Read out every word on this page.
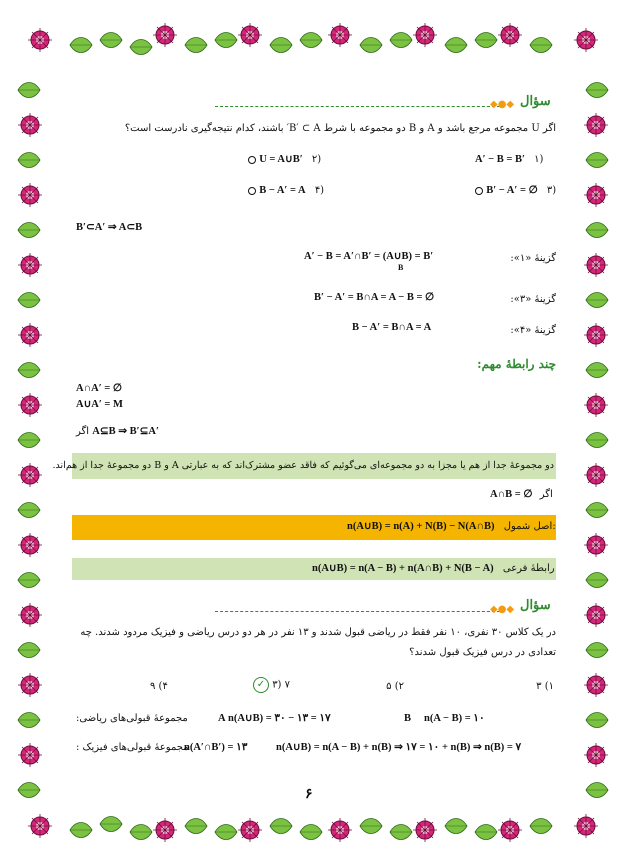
◆●◆ سؤال
اگر U مجموعه مرجع باشد و A و B دو مجموعه با شرط B′ ⊂ A′ باشند، کدام نتیجه‌گیری نادرست است؟
A′ − B = B′ ۱)
U = A∪B′ ۲)
B′ − A′ = ∅ ۳)
B − A′ = A ۴)
B′⊂A′ ⇒ A⊂B
گزینهٔ «۱»:
A′ − B = A′∩B′ = (A∪B) = B′
B
گزینهٔ «۳»:
B′ − A′ = B∩A = A − B = ∅
گزینهٔ «۴»:
B − A′ = B∩A = A
چند رابطهٔ مهم:
A∩A′ = ∅
A∪A′ = M
اگر A⊆B ⇒ B′⊆A′
دو مجموعهٔ جدا از هم یا مجزا به دو مجموعه‌ای می‌گوئیم که فاقد عضو مشترک‌اند که به عبارتی A و B دو مجموعهٔ جدا از هم‌اند.
A∩B = ∅ اگر
n(A∪B) = n(A) + N(B) − N(A∩B) اصل شمول:
n(A∪B) = n(A − B) + n(A∩B) + N(B − A) رابطهٔ فرعی
◆●◆ سؤال
در یک کلاس ۳۰ نفری، ۱۰ نفر فقط در ریاضی قبول شدند و ۱۳ نفر در هر دو درس ریاضی و فیزیک مردود شدند. چه
تعدادی در درس فیزیک قبول شدند؟
۱) ۳
۲) ۵
✓ ۳) ۷
۴) ۹
n(A − B) = ۱۰
B
n(A∪B) = ۳۰ − ۱۳ = ۱۷
A
مجموعهٔ قبولی‌های ریاضی:
n(A∪B) = n(A − B) + n(B) ⇒ ۱۷ = ۱۰ + n(B) ⇒ n(B) = ۷
n(A′∩B′) = ۱۳
مجموعهٔ قبولی‌های فیزیک :
۶
